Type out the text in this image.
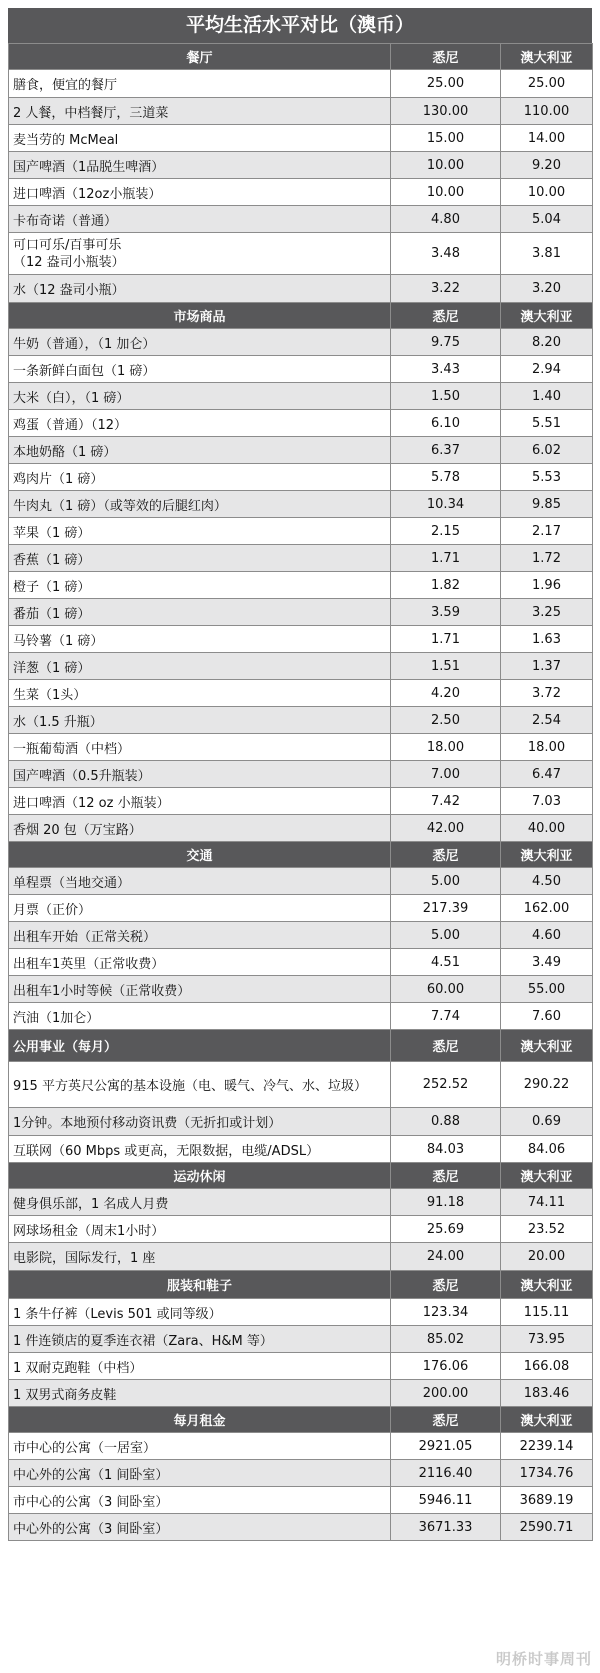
平均生活水平对比（澳币）
餐厅	悉尼	澳大利亚
膳食，便宜的餐厅	25.00	25.00
2 人餐，中档餐厅，三道菜	130.00	110.00
麦当劳的 McMeal	15.00	14.00
国产啤酒（1品脱生啤酒）	10.00	9.20
进口啤酒（12oz小瓶装）	10.00	10.00
卡布奇诺（普通）	4.80	5.04
可口可乐/百事可乐
（12 盎司小瓶装）	3.48	3.81
水（12 盎司小瓶）	3.22	3.20
市场商品	悉尼	澳大利亚
牛奶（普通），（1 加仑）	9.75	8.20
一条新鲜白面包（1 磅）	3.43	2.94
大米（白），（1 磅）	1.50	1.40
鸡蛋（普通）（12）	6.10	5.51
本地奶酪（1 磅）	6.37	6.02
鸡肉片（1 磅）	5.78	5.53
牛肉丸（1 磅）（或等效的后腿红肉）	10.34	9.85
苹果（1 磅）	2.15	2.17
香蕉（1 磅）	1.71	1.72
橙子（1 磅）	1.82	1.96
番茄（1 磅）	3.59	3.25
马铃薯（1 磅）	1.71	1.63
洋葱（1 磅）	1.51	1.37
生菜（1头）	4.20	3.72
水（1.5 升瓶）	2.50	2.54
一瓶葡萄酒（中档）	18.00	18.00
国产啤酒（0.5升瓶装）	7.00	6.47
进口啤酒（12 oz 小瓶装）	7.42	7.03
香烟 20 包（万宝路）	42.00	40.00
交通	悉尼	澳大利亚
单程票（当地交通）	5.00	4.50
月票（正价）	217.39	162.00
出租车开始（正常关税）	5.00	4.60
出租车1英里（正常收费）	4.51	3.49
出租车1小时等候（正常收费）	60.00	55.00
汽油（1加仑）	7.74	7.60
公用事业（每月）	悉尼	澳大利亚
915 平方英尺公寓的基本设施（电、暖气、冷气、水、垃圾）	252.52	290.22
1分钟。本地预付移动资讯费（无折扣或计划）	0.88	0.69
互联网（60 Mbps 或更高，无限数据，电缆/ADSL）	84.03	84.06
运动休闲	悉尼	澳大利亚
健身俱乐部，1 名成人月费	91.18	74.11
网球场租金（周末1小时）	25.69	23.52
电影院，国际发行，1 座	24.00	20.00
服装和鞋子	悉尼	澳大利亚
1 条牛仔裤（Levis 501 或同等级）	123.34	115.11
1 件连锁店的夏季连衣裙（Zara、H&M 等）	85.02	73.95
1 双耐克跑鞋（中档）	176.06	166.08
1 双男式商务皮鞋	200.00	183.46
每月租金	悉尼	澳大利亚
市中心的公寓（一居室）	2921.05	2239.14
中心外的公寓（1 间卧室）	2116.40	1734.76
市中心的公寓（3 间卧室）	5946.11	3689.19
中心外的公寓（3 间卧室）	3671.33	2590.71
明桥时事周刊
